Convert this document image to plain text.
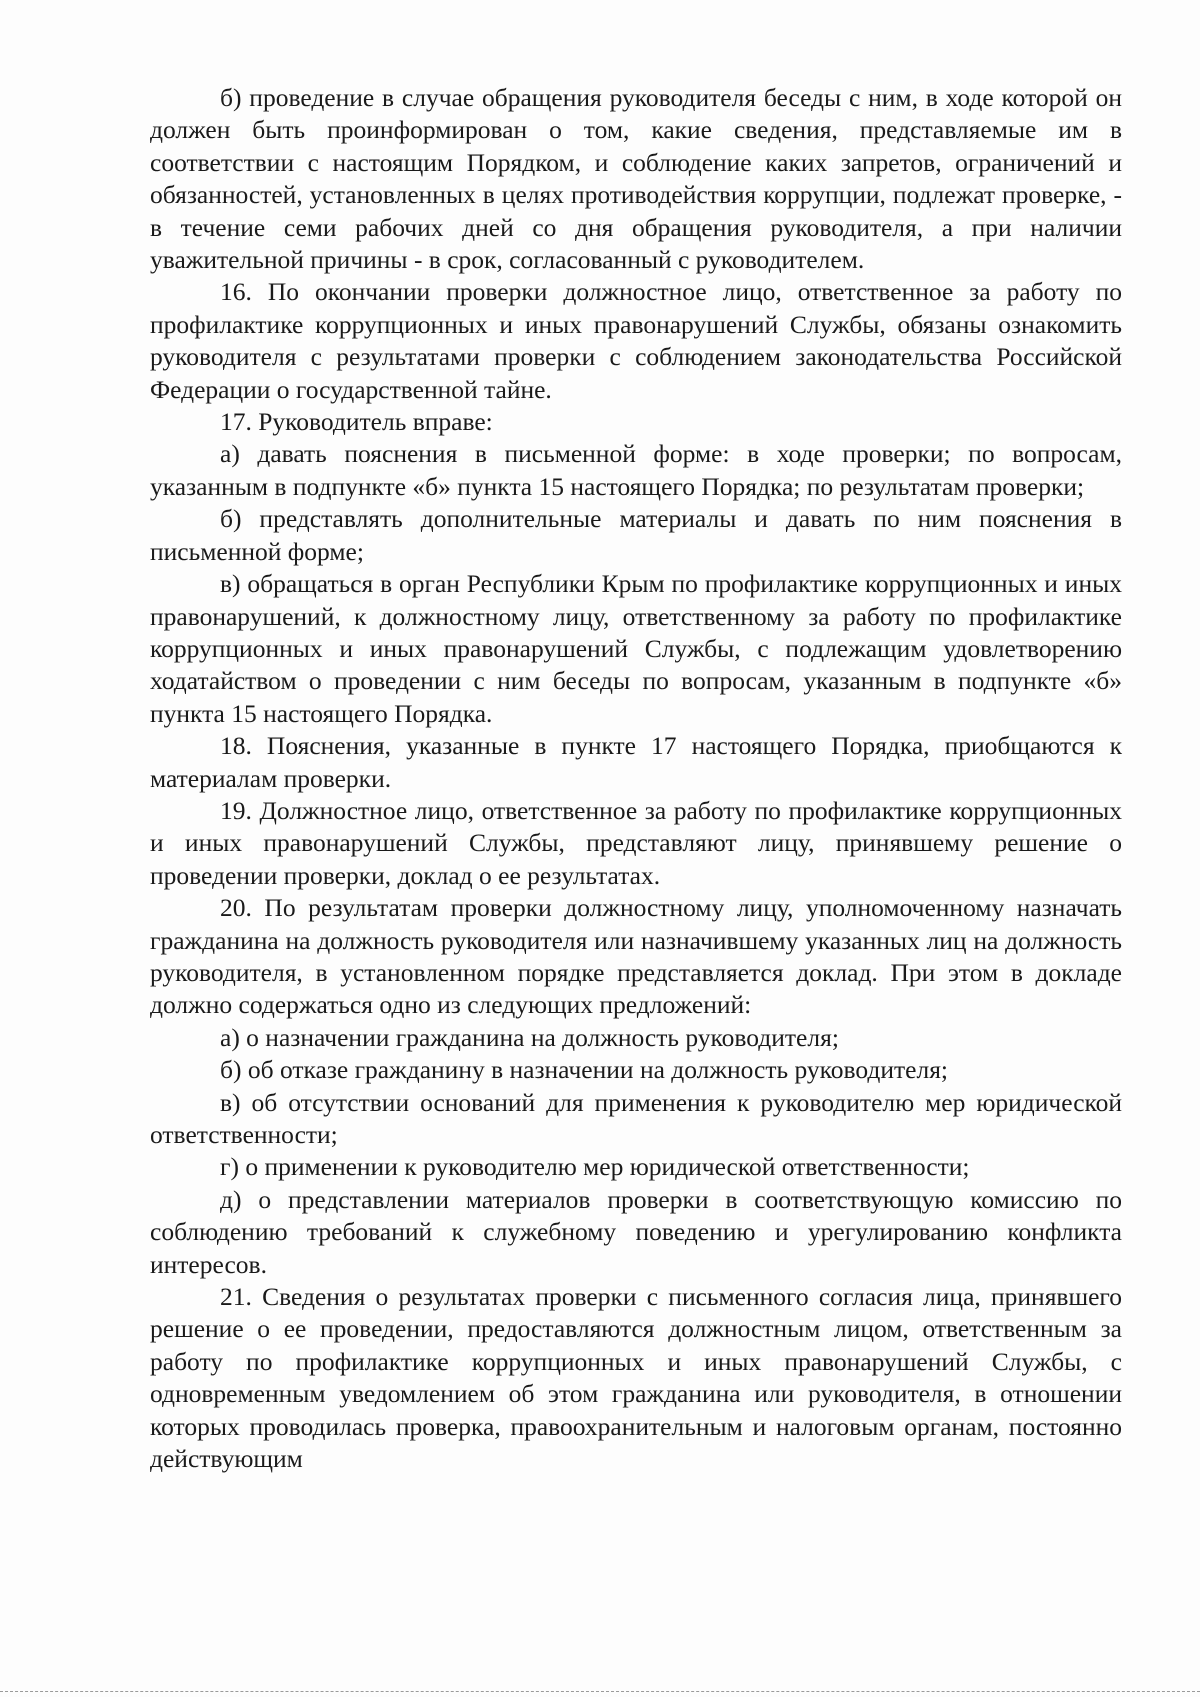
б) проведение в случае обращения руководителя беседы с ним, в ходе которой он должен быть проинформирован о том, какие сведения, представляемые им в соответствии с настоящим Порядком, и соблюдение каких запретов, ограничений и обязанностей, установленных в целях противодействия коррупции, подлежат проверке, - в течение семи рабочих дней со дня обращения руководителя, а при наличии уважительной причины - в срок, согласованный с руководителем.

16. По окончании проверки должностное лицо, ответственное за работу по профилактике коррупционных и иных правонарушений Службы, обязаны ознакомить руководителя с результатами проверки с соблюдением законодательства Российской Федерации о государственной тайне.

17. Руководитель вправе:

а) давать пояснения в письменной форме: в ходе проверки; по вопросам, указанным в подпункте «б» пункта 15 настоящего Порядка; по результатам проверки;

б) представлять дополнительные материалы и давать по ним пояснения в письменной форме;

в) обращаться в орган Республики Крым по профилактике коррупционных и иных правонарушений, к должностному лицу, ответственному за работу по профилактике коррупционных и иных правонарушений Службы, с подлежащим удовлетворению ходатайством о проведении с ним беседы по вопросам, указанным в подпункте «б» пункта 15 настоящего Порядка.

18. Пояснения, указанные в пункте 17 настоящего Порядка, приобщаются к материалам проверки.

19. Должностное лицо, ответственное за работу по профилактике коррупционных и иных правонарушений Службы, представляют лицу, принявшему решение о проведении проверки, доклад о ее результатах.

20. По результатам проверки должностному лицу, уполномоченному назначать гражданина на должность руководителя или назначившему указанных лиц на должность руководителя, в установленном порядке представляется доклад. При этом в докладе должно содержаться одно из следующих предложений:

а) о назначении гражданина на должность руководителя;

б) об отказе гражданину в назначении на должность руководителя;

в) об отсутствии оснований для применения к руководителю мер юридической ответственности;

г) о применении к руководителю мер юридической ответственности;

д) о представлении материалов проверки в соответствующую комиссию по соблюдению требований к служебному поведению и урегулированию конфликта интересов.

21. Сведения о результатах проверки с письменного согласия лица, принявшего решение о ее проведении, предоставляются должностным лицом, ответственным за работу по профилактике коррупционных и иных правонарушений Службы, с одновременным уведомлением об этом гражданина или руководителя, в отношении которых проводилась проверка, правоохранительным и налоговым органам, постоянно действующим
